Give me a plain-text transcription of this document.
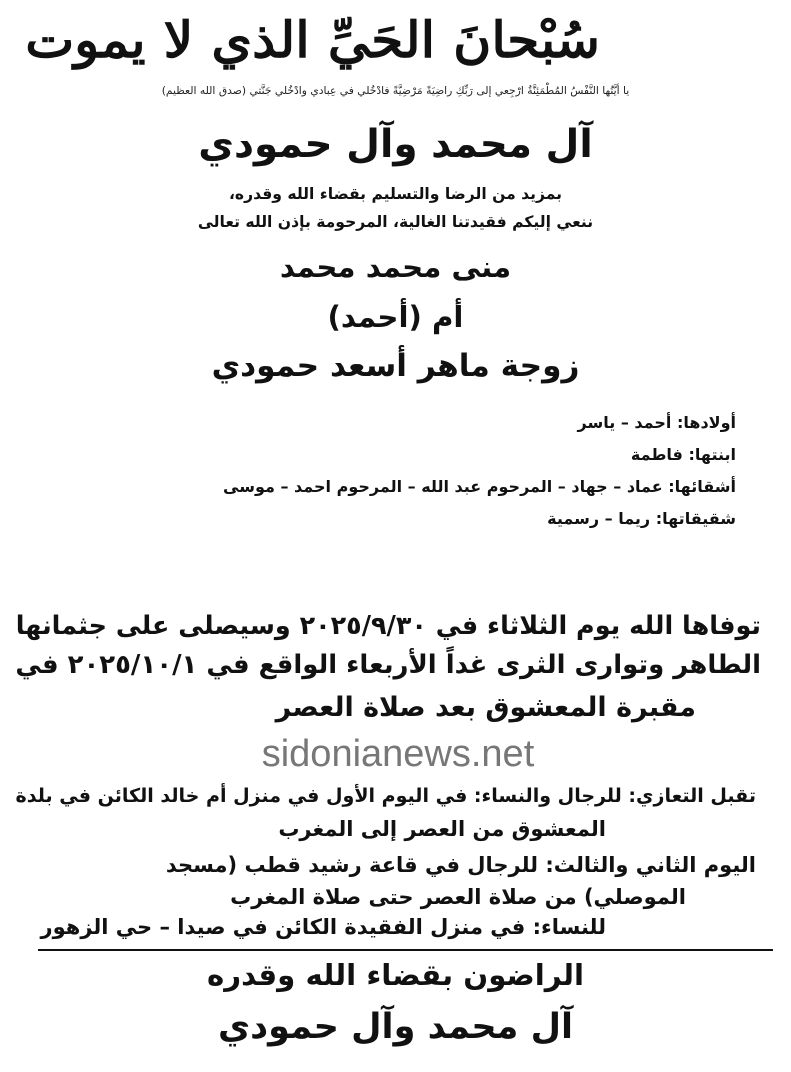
سُبْحانَ الحَيِّ الذي لا يموت
يا أيَّتُها النَّفْسُ المُطْمَئِنَّةُ ارْجِعي إلى رَبِّكِ راضِيَةً مَرْضِيَّةً فادْخُلي في عِبادي وادْخُلي جَنَّتي (صدق الله العظيم)
آل محمد وآل حمودي
بمزيد من الرضا والتسليم بقضاء الله وقدره،
ننعي إليكم فقيدتنا الغالية، المرحومة بإذن الله تعالى
منى محمد محمد
أم (أحمد)
زوجة ماهر أسعد حمودي
أولادها: أحمد – ياسر
ابنتها: فاطمة
أشقائها: عماد – جهاد – المرحوم عبد الله – المرحوم احمد – موسى
شقيقاتها: ريما – رسمية
توفاها الله يوم الثلاثاء في ٢٠٢٥/٩/٣٠ وسيصلى على جثمانها
الطاهر وتوارى الثرى غداً الأربعاء الواقع في ٢٠٢٥/١٠/١ في
مقبرة المعشوق بعد صلاة العصر
sidonianews.net
تقبل التعازي: للرجال والنساء: في اليوم الأول في منزل أم خالد الكائن في بلدة
المعشوق من العصر إلى المغرب
اليوم الثاني والثالث: للرجال في قاعة رشيد قطب (مسجد
الموصلي) من صلاة العصر حتى صلاة المغرب
للنساء: في منزل الفقيدة الكائن في صيدا – حي الزهور
الراضون بقضاء الله وقدره
آل محمد وآل حمودي
